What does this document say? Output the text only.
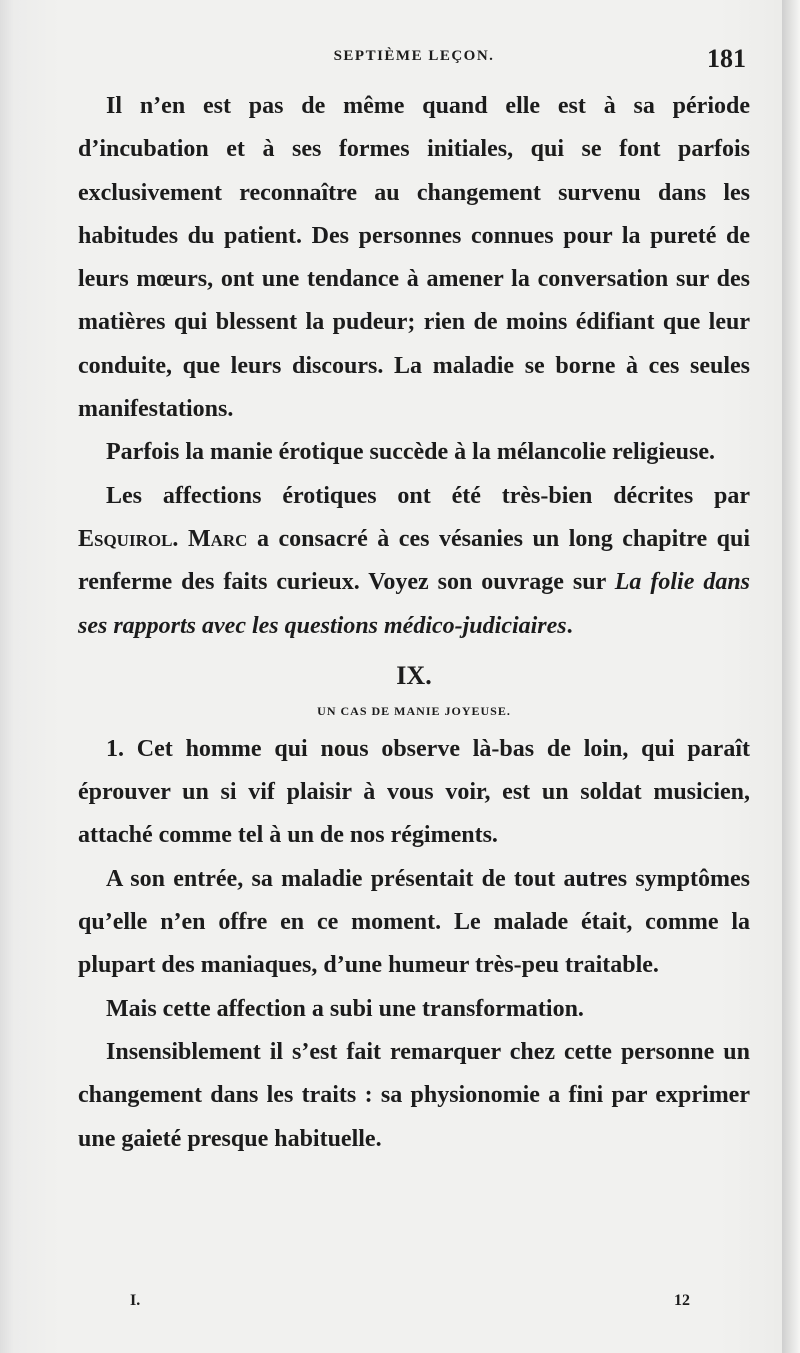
SEPTIÈME LEÇON.	181

Il n’en est pas de même quand elle est à sa période d’incubation et à ses formes initiales, qui se font parfois exclusivement reconnaître au changement survenu dans les habitudes du patient. Des personnes connues pour la pureté de leurs mœurs, ont une tendance à amener la conversation sur des matières qui blessent la pudeur; rien de moins édifiant que leur conduite, que leurs discours. La maladie se borne à ces seules manifestations.

Parfois la manie érotique succède à la mélancolie religieuse.

Les affections érotiques ont été très-bien décrites par Esquirol. Marc a consacré à ces vésanies un long chapitre qui renferme des faits curieux. Voyez son ouvrage sur La folie dans ses rapports avec les questions médico-judiciaires.

IX.

UN CAS DE MANIE JOYEUSE.

1. Cet homme qui nous observe là-bas de loin, qui paraît éprouver un si vif plaisir à vous voir, est un soldat musicien, attaché comme tel à un de nos régiments.

A son entrée, sa maladie présentait de tout autres symptômes qu’elle n’en offre en ce moment. Le malade était, comme la plupart des maniaques, d’une humeur très-peu traitable.

Mais cette affection a subi une transformation.

Insensiblement il s’est fait remarquer chez cette personne un changement dans les traits : sa physionomie a fini par exprimer une gaieté presque habituelle.

I.	12
